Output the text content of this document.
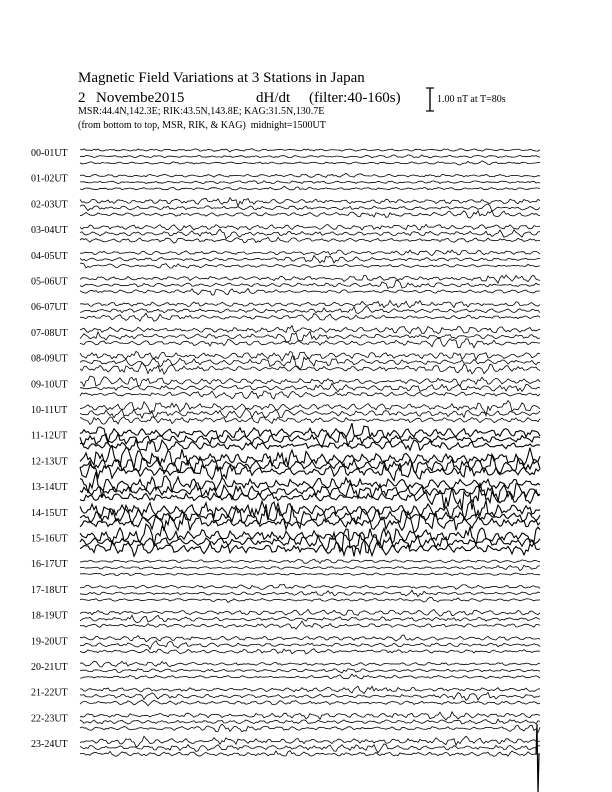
Magnetic Field Variations at 3 Stations in Japan
2 Novembe2015	dH/dt (filter:40-160s)
MSR:44.4N,142.3E; RIK:43.5N,143.8E; KAG:31.5N,130.7E
(from bottom to top, MSR, RIK, & KAG) midnight=1500UT
1.00 nT at T=80s
00-01UT
01-02UT
02-03UT
03-04UT
04-05UT
05-06UT
06-07UT
07-08UT
08-09UT
09-10UT
10-11UT
11-12UT
12-13UT
13-14UT
14-15UT
15-16UT
16-17UT
17-18UT
18-19UT
19-20UT
20-21UT
21-22UT
22-23UT
23-24UT
